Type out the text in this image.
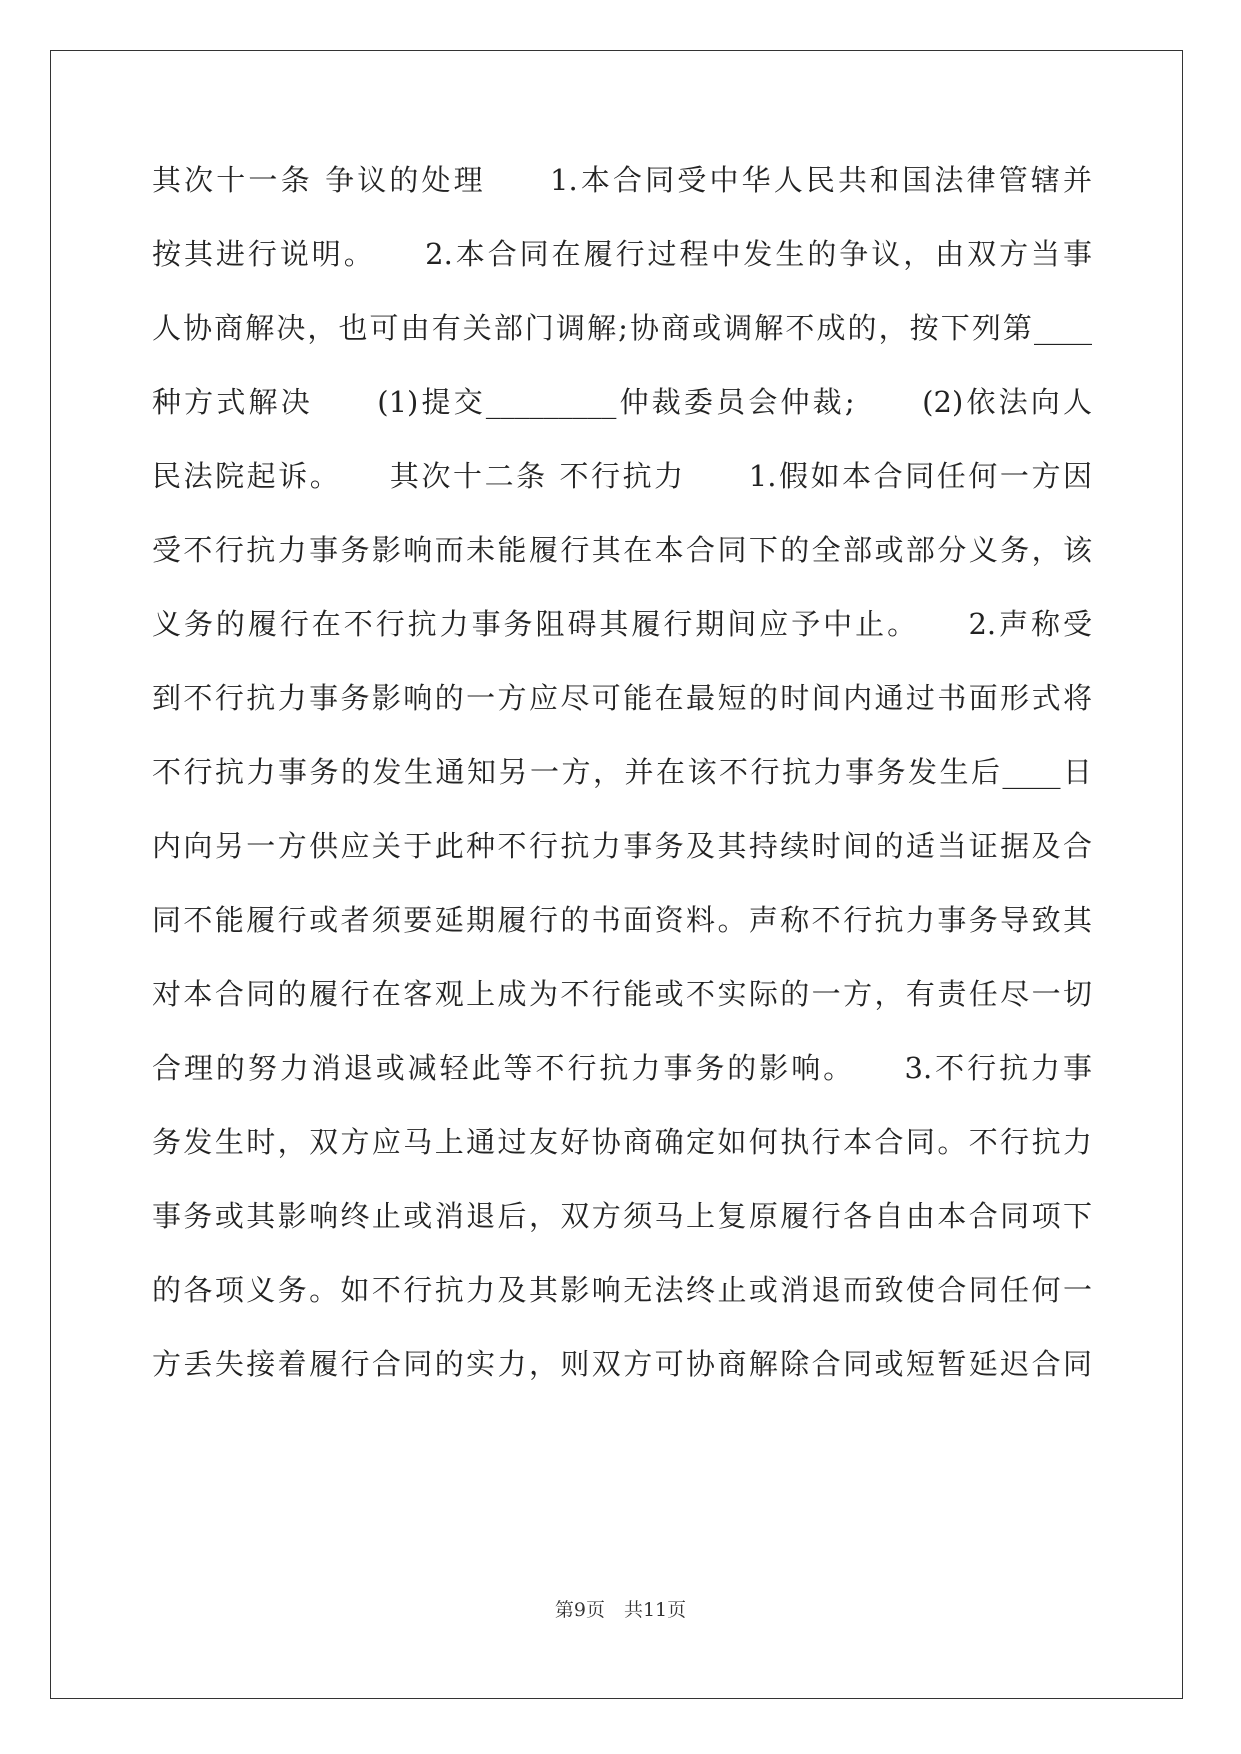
其次十一条 争议的处理　　1.本合同受中华人民共和国法律管辖并
按其进行说明。　　2.本合同在履行过程中发生的争议，由双方当事
人协商解决，也可由有关部门调解;协商或调解不成的，按下列第____
种方式解决　　(1)提交_________仲裁委员会仲裁;　　(2)依法向人
民法院起诉。　　其次十二条 不行抗力　　1.假如本合同任何一方因
受不行抗力事务影响而未能履行其在本合同下的全部或部分义务，该
义务的履行在不行抗力事务阻碍其履行期间应予中止。　　2.声称受
到不行抗力事务影响的一方应尽可能在最短的时间内通过书面形式将
不行抗力事务的发生通知另一方，并在该不行抗力事务发生后____日
内向另一方供应关于此种不行抗力事务及其持续时间的适当证据及合
同不能履行或者须要延期履行的书面资料。声称不行抗力事务导致其
对本合同的履行在客观上成为不行能或不实际的一方，有责任尽一切
合理的努力消退或减轻此等不行抗力事务的影响。　　3.不行抗力事
务发生时，双方应马上通过友好协商确定如何执行本合同。不行抗力
事务或其影响终止或消退后，双方须马上复原履行各自由本合同项下
的各项义务。如不行抗力及其影响无法终止或消退而致使合同任何一
方丢失接着履行合同的实力，则双方可协商解除合同或短暂延迟合同
第9页　共11页
